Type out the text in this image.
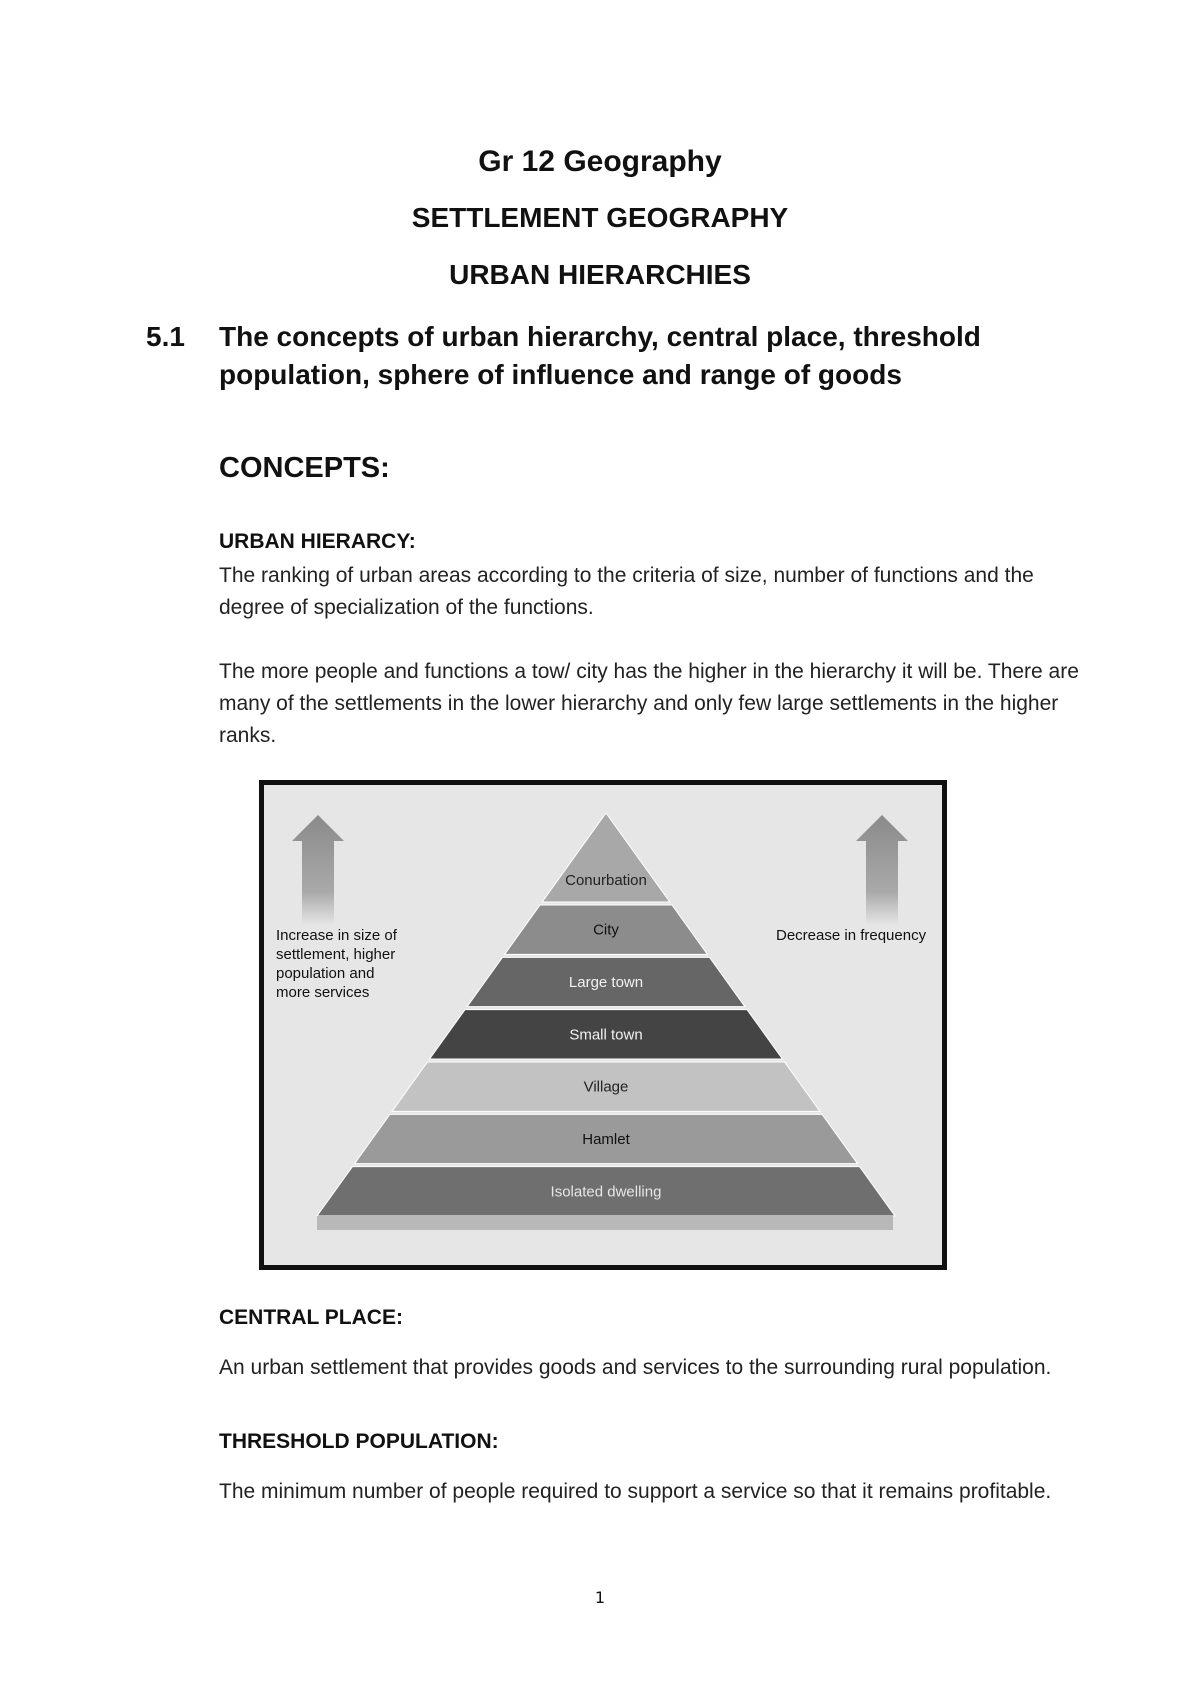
Gr 12 Geography
SETTLEMENT GEOGRAPHY
URBAN HIERARCHIES
5.1 The concepts of urban hierarchy, central place, threshold population, sphere of influence and range of goods
CONCEPTS:
URBAN HIERARCY:
The ranking of urban areas according to the criteria of size, number of functions and the degree of specialization of the functions.
The more people and functions a tow/ city has the higher in the hierarchy it will be. There are many of the settlements in the lower hierarchy and only few large settlements in the higher ranks.
Increase in size of
settlement, higher
population and
more services
Decrease in frequency
Conurbation
City
Large town
Small town
Village
Hamlet
Isolated dwelling
CENTRAL PLACE:
An urban settlement that provides goods and services to the surrounding rural population.
THRESHOLD POPULATION:
The minimum number of people required to support a service so that it remains profitable.
1
